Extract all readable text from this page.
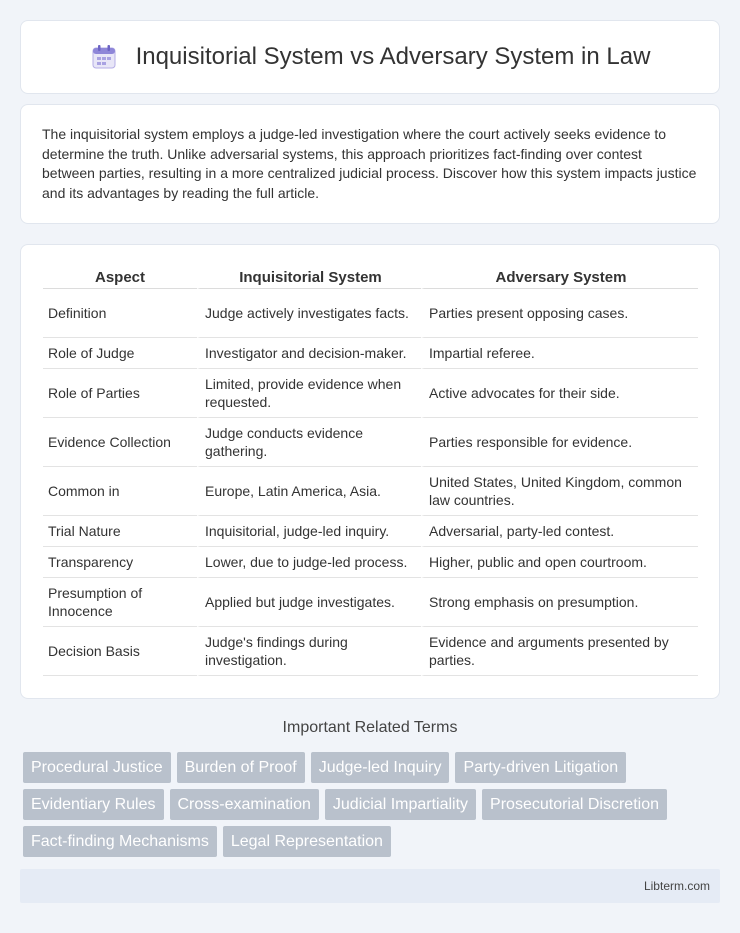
Inquisitorial System vs Adversary System in Law

The inquisitorial system employs a judge-led investigation where the court actively seeks evidence to determine the truth. Unlike adversarial systems, this approach prioritizes fact-finding over contest between parties, resulting in a more centralized judicial process. Discover how this system impacts justice and its advantages by reading the full article.

Aspect	Inquisitorial System	Adversary System
Definition	Judge actively investigates facts.	Parties present opposing cases.
Role of Judge	Investigator and decision-maker.	Impartial referee.
Role of Parties	Limited, provide evidence when requested.	Active advocates for their side.
Evidence Collection	Judge conducts evidence gathering.	Parties responsible for evidence.
Common in	Europe, Latin America, Asia.	United States, United Kingdom, common law countries.
Trial Nature	Inquisitorial, judge-led inquiry.	Adversarial, party-led contest.
Transparency	Lower, due to judge-led process.	Higher, public and open courtroom.
Presumption of Innocence	Applied but judge investigates.	Strong emphasis on presumption.
Decision Basis	Judge's findings during investigation.	Evidence and arguments presented by parties.
Important Related Terms
Procedural Justice	Burden of Proof	Judge-led Inquiry	Party-driven Litigation
Evidentiary Rules	Cross-examination	Judicial Impartiality	Prosecutorial Discretion
Fact-finding Mechanisms	Legal Representation
Libterm.com
